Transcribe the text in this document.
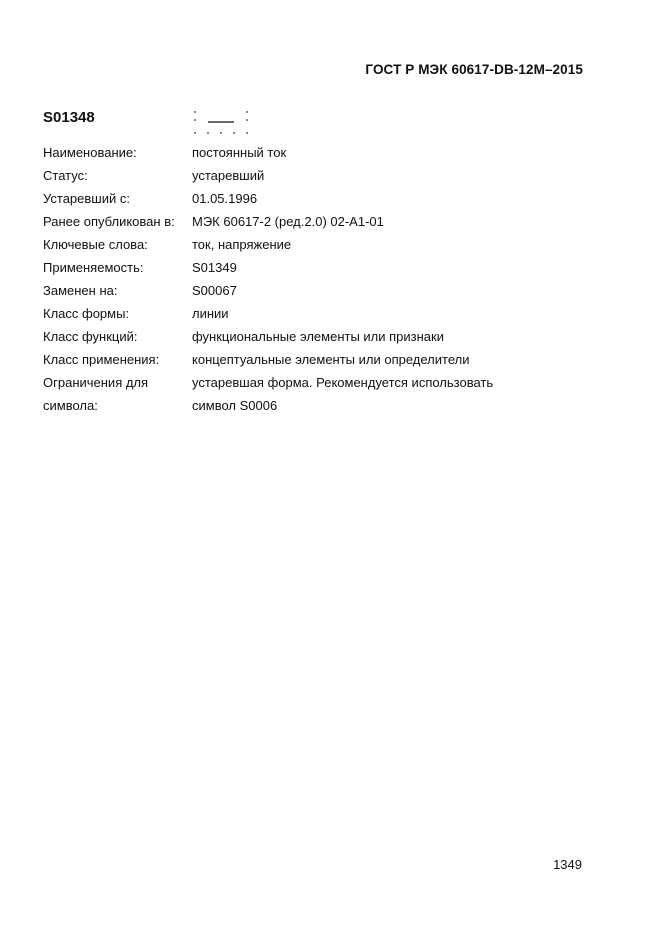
ГОСТ Р МЭК 60617-DB-12M–2015
S01348
Наименование:	постоянный ток
Статус:	устаревший
Устаревший с:	01.05.1996
Ранее опубликован в:	МЭК 60617-2 (ред.2.0) 02-А1-01
Ключевые слова:	ток, напряжение
Применяемость:	S01349
Заменен на:	S00067
Класс формы:	линии
Класс функций:	функциональные элементы или признаки
Класс применения:	концептуальные элементы или определители
Ограничения для	устаревшая форма. Рекомендуется использовать
символа:	символ S0006
1349
